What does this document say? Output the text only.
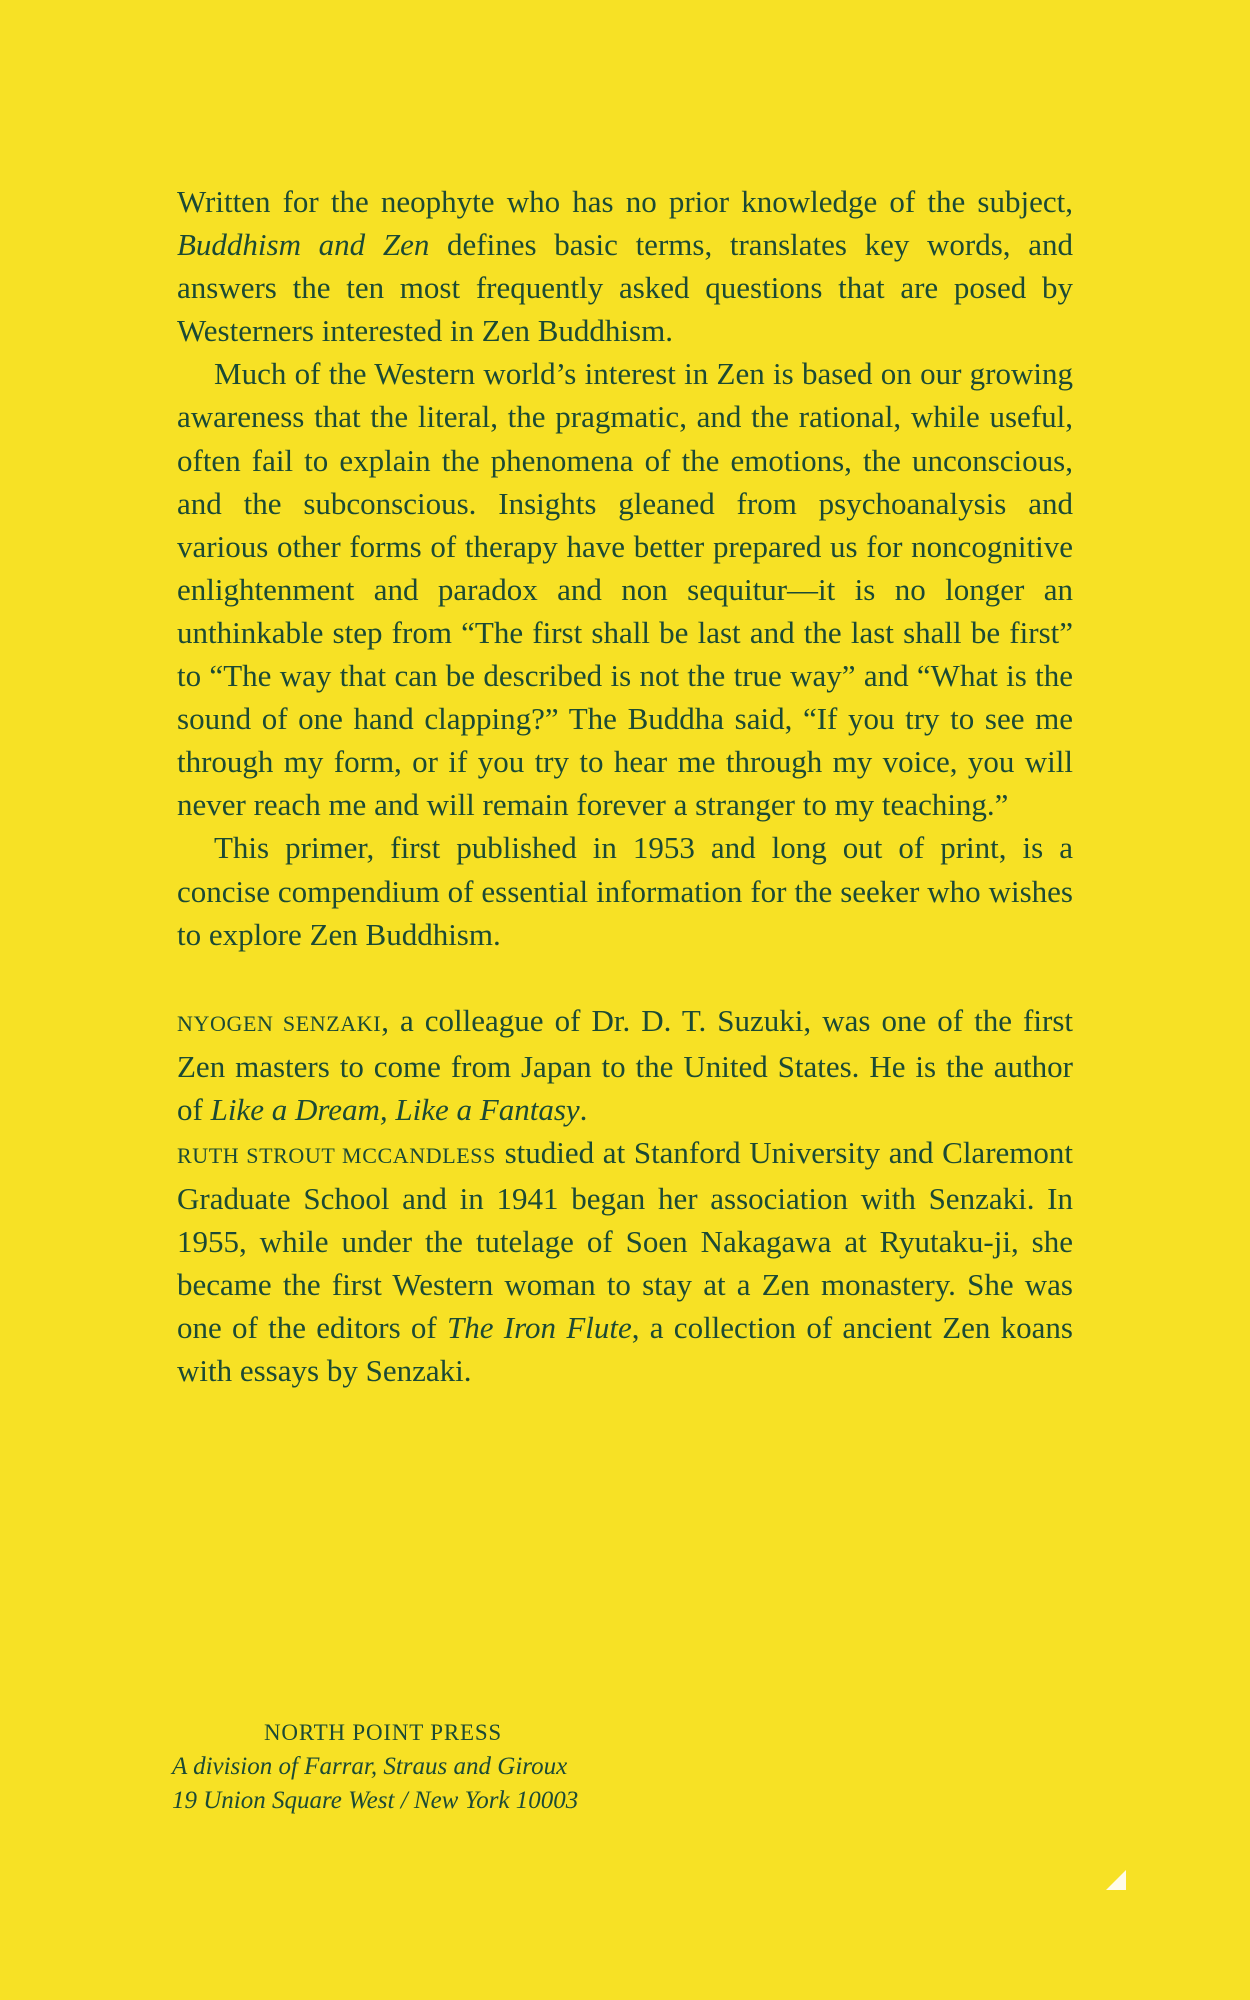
Written for the neophyte who has no prior knowledge of the subject, Buddhism and Zen defines basic terms, translates key words, and answers the ten most frequently asked questions that are posed by Westerners interested in Zen Buddhism.

Much of the Western world’s interest in Zen is based on our growing awareness that the literal, the pragmatic, and the rational, while useful, often fail to explain the phenomena of the emotions, the unconscious, and the subconscious. Insights gleaned from psychoanalysis and various other forms of therapy have better prepared us for noncognitive enlightenment and paradox and non sequitur—it is no longer an unthinkable step from “The first shall be last and the last shall be first” to “The way that can be described is not the true way” and “What is the sound of one hand clapping?” The Buddha said, “If you try to see me through my form, or if you try to hear me through my voice, you will never reach me and will remain forever a stranger to my teaching.”

This primer, first published in 1953 and long out of print, is a concise compendium of essential information for the seeker who wishes to explore Zen Buddhism.

NYOGEN SENZAKI, a colleague of Dr. D. T. Suzuki, was one of the first Zen masters to come from Japan to the United States. He is the author of Like a Dream, Like a Fantasy.

RUTH STROUT MCCANDLESS studied at Stanford University and Claremont Graduate School and in 1941 began her association with Senzaki. In 1955, while under the tutelage of Soen Nakagawa at Ryutaku-ji, she became the first Western woman to stay at a Zen monastery. She was one of the editors of The Iron Flute, a collection of ancient Zen koans with essays by Senzaki.

NORTH POINT PRESS

A division of Farrar, Straus and Giroux

19 Union Square West / New York 10003
